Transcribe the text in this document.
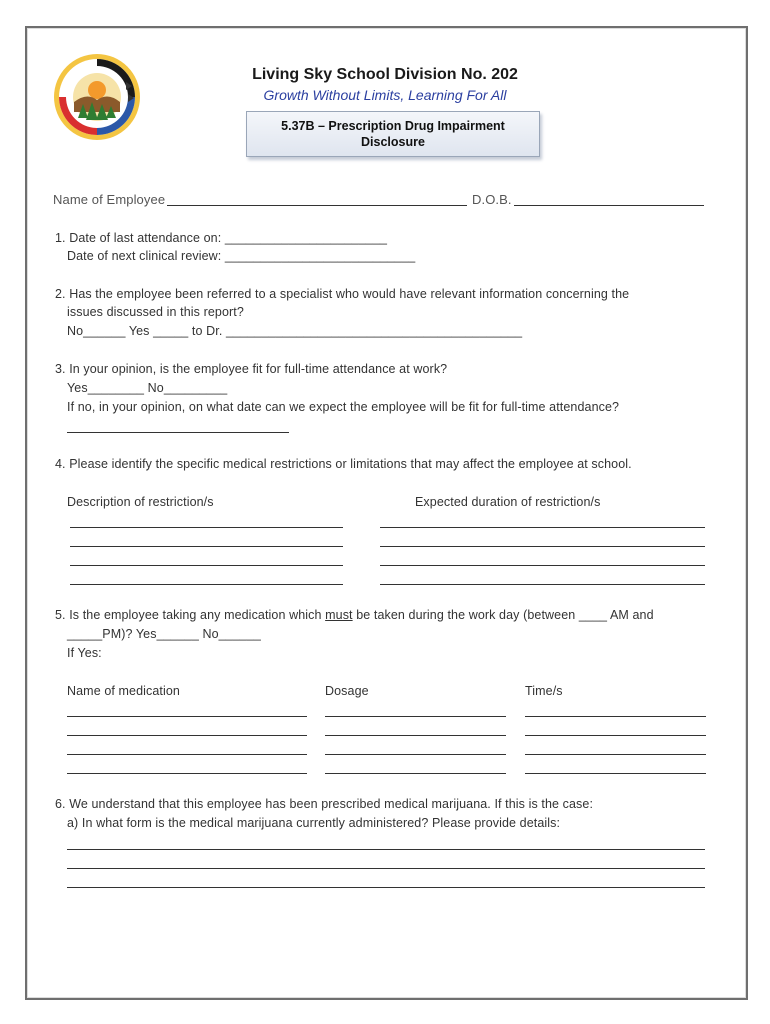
Living Sky School Division No. 202
Growth Without Limits, Learning For All
5.37B – Prescription Drug Impairment
Disclosure
Name of Employee	D.O.B.
1. Date of last attendance on: _______________________
Date of next clinical review: ___________________________
2. Has the employee been referred to a specialist who would have relevant information concerning the
issues discussed in this report?
No______ Yes _____ to Dr. __________________________________________
3. In your opinion, is the employee fit for full-time attendance at work?
Yes________ No_________
If no, in your opinion, on what date can we expect the employee will be fit for full-time attendance?
4. Please identify the specific medical restrictions or limitations that may affect the employee at school.
Description of restriction/s	Expected duration of restriction/s
5. Is the employee taking any medication which must be taken during the work day (between ____ AM and
_____PM)? Yes______ No______
If Yes:
Name of medication	Dosage	Time/s
6. We understand that this employee has been prescribed medical marijuana. If this is the case:
a) In what form is the medical marijuana currently administered? Please provide details:
